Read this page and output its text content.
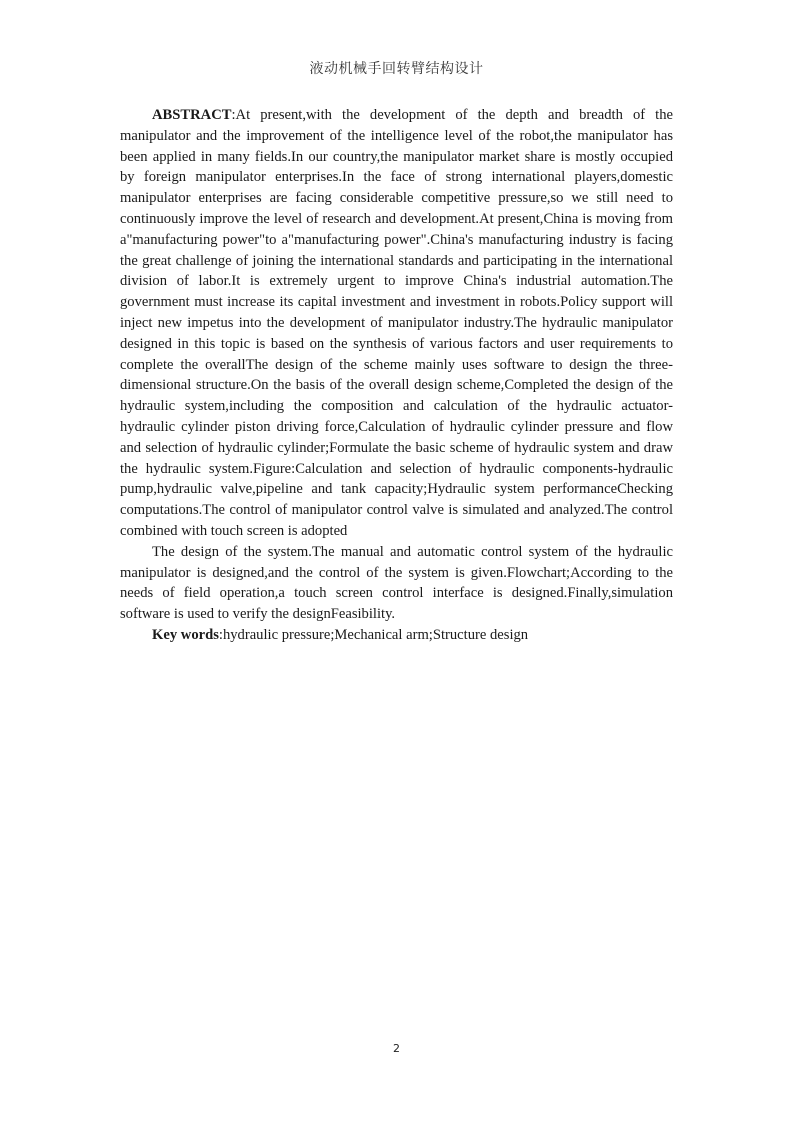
液动机械手回转臂结构设计

ABSTRACT:At present,with the development of the depth and breadth of the manipulator and the improvement of the intelligence level of the robot,the manipulator has been applied in many fields.In our country,the manipulator market share is mostly occupied by foreign manipulator enterprises.In the face of strong international players,domestic manipulator enterprises are facing considerable competitive pressure,so we still need to continuously improve the level of research and development.At present,China is moving from a"manufacturing power"to a"manufacturing power".China's manufacturing industry is facing the great challenge of joining the international standards and participating in the international division of labor.It is extremely urgent to improve China's industrial automation.The government must increase its capital investment and investment in robots.Policy support will inject new impetus into the development of manipulator industry.The hydraulic manipulator designed in this topic is based on the synthesis of various factors and user requirements to complete the overallThe design of the scheme mainly uses software to design the three-dimensional structure.On the basis of the overall design scheme,Completed the design of the hydraulic system,including the composition and calculation of the hydraulic actuator-hydraulic cylinder piston driving force,Calculation of hydraulic cylinder pressure and flow and selection of hydraulic cylinder;Formulate the basic scheme of hydraulic system and draw the hydraulic system.Figure:Calculation and selection of hydraulic components-hydraulic pump,hydraulic valve,pipeline and tank capacity;Hydraulic system performanceChecking computations.The control of manipulator control valve is simulated and analyzed.The control combined with touch screen is adopted

The design of the system.The manual and automatic control system of the hydraulic manipulator is designed,and the control of the system is given.Flowchart;According to the needs of field operation,a touch screen control interface is designed.Finally,simulation software is used to verify the designFeasibility.

Key words:hydraulic pressure;Mechanical arm;Structure design

2
